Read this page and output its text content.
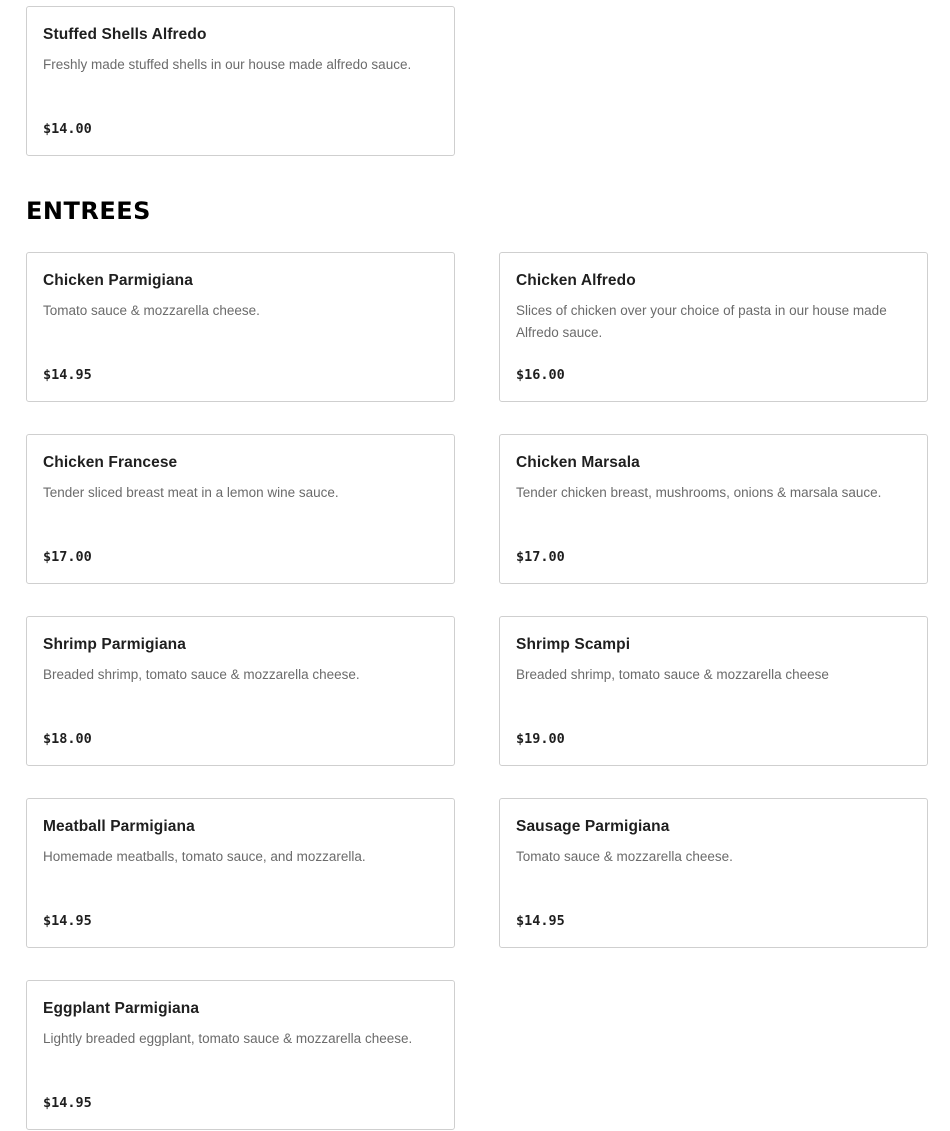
Stuffed Shells Alfredo
Freshly made stuffed shells in our house made alfredo sauce.
$14.00
ENTREES
Chicken Parmigiana
Tomato sauce & mozzarella cheese.
$14.95
Chicken Alfredo
Slices of chicken over your choice of pasta in our house made Alfredo sauce.
$16.00
Chicken Francese
Tender sliced breast meat in a lemon wine sauce.
$17.00
Chicken Marsala
Tender chicken breast, mushrooms, onions & marsala sauce.
$17.00
Shrimp Parmigiana
Breaded shrimp, tomato sauce & mozzarella cheese.
$18.00
Shrimp Scampi
Breaded shrimp, tomato sauce & mozzarella cheese
$19.00
Meatball Parmigiana
Homemade meatballs, tomato sauce, and mozzarella.
$14.95
Sausage Parmigiana
Tomato sauce & mozzarella cheese.
$14.95
Eggplant Parmigiana
Lightly breaded eggplant, tomato sauce & mozzarella cheese.
$14.95
